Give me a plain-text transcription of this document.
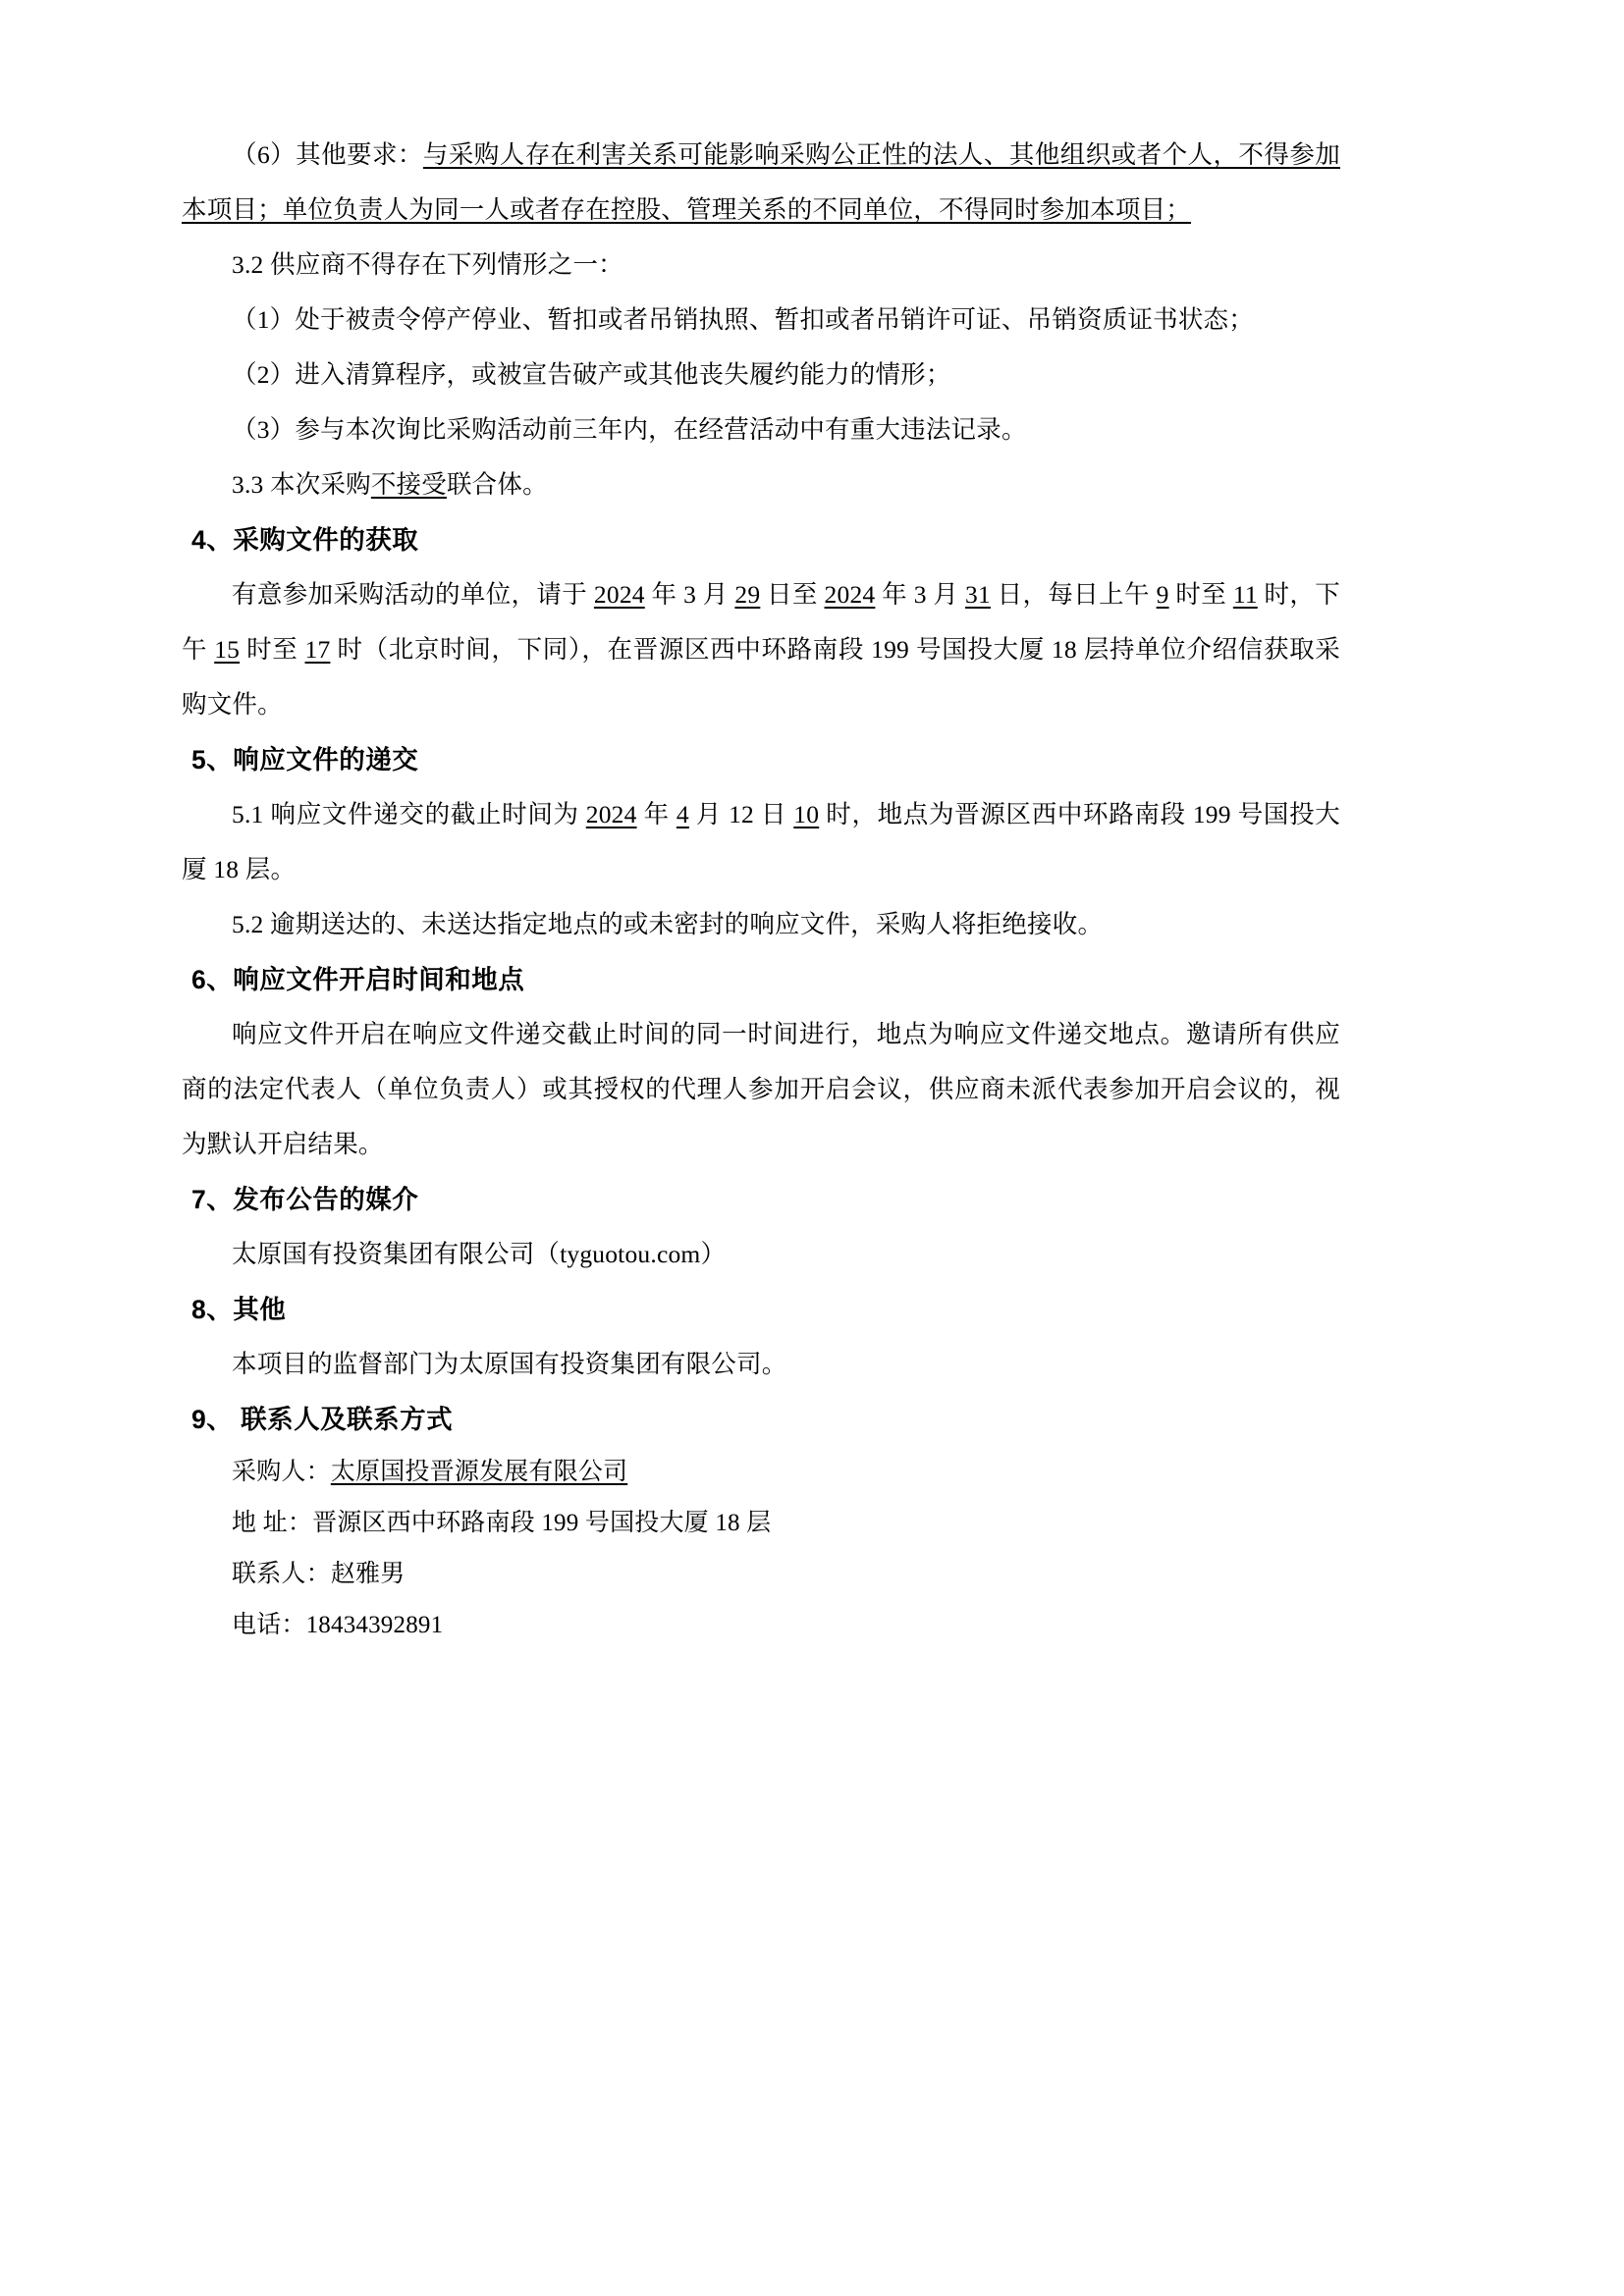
（6）其他要求：与采购人存在利害关系可能影响采购公正性的法人、其他组织或者个人，不得参加本项目；单位负责人为同一人或者存在控股、管理关系的不同单位，不得同时参加本项目；

3.2 供应商不得存在下列情形之一：

（1）处于被责令停产停业、暂扣或者吊销执照、暂扣或者吊销许可证、吊销资质证书状态；

（2）进入清算程序，或被宣告破产或其他丧失履约能力的情形；

（3）参与本次询比采购活动前三年内，在经营活动中有重大违法记录。

3.3 本次采购不接受联合体。

4、采购文件的获取

有意参加采购活动的单位，请于 2024 年 3 月 29 日至 2024 年 3 月 31 日，每日上午 9 时至 11 时，下午 15 时至 17 时（北京时间，下同），在晋源区西中环路南段 199 号国投大厦 18 层持单位介绍信获取采购文件。

5、响应文件的递交

5.1 响应文件递交的截止时间为 2024 年 4 月 12 日 10 时，地点为晋源区西中环路南段 199 号国投大厦 18 层。

5.2 逾期送达的、未送达指定地点的或未密封的响应文件，采购人将拒绝接收。

6、响应文件开启时间和地点

响应文件开启在响应文件递交截止时间的同一时间进行，地点为响应文件递交地点。邀请所有供应商的法定代表人（单位负责人）或其授权的代理人参加开启会议，供应商未派代表参加开启会议的，视为默认开启结果。

7、发布公告的媒介

太原国有投资集团有限公司（tyguotou.com）

8、其他

本项目的监督部门为太原国有投资集团有限公司。

9、 联系人及联系方式

采购人：太原国投晋源发展有限公司

地 址：晋源区西中环路南段 199 号国投大厦 18 层

联系人：赵雅男

电话：18434392891
